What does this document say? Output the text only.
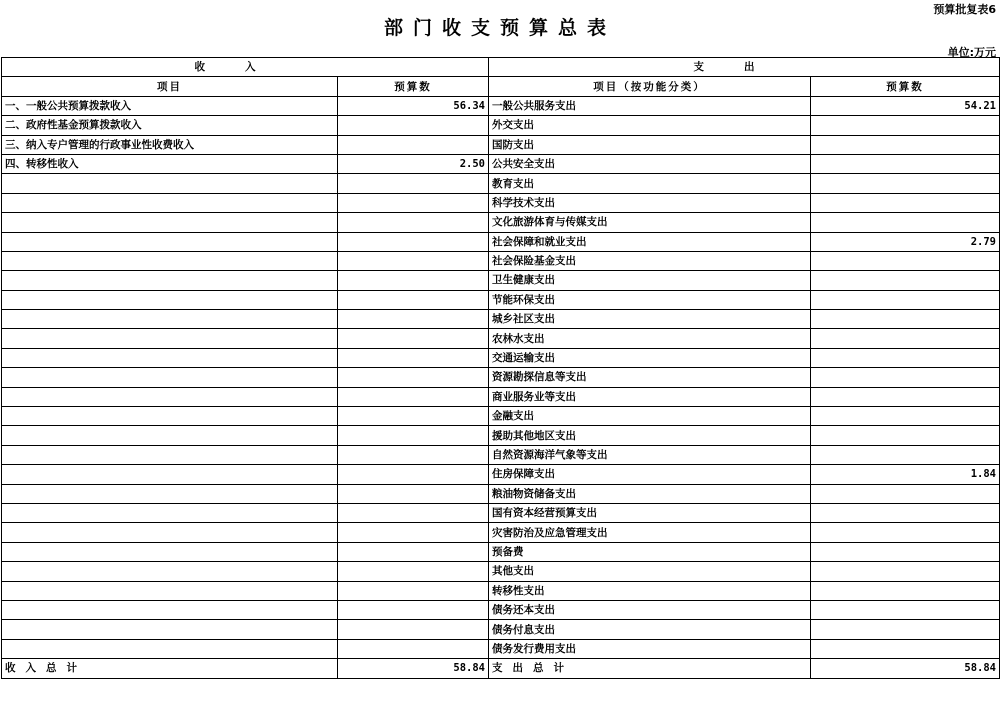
预算批复表6
部门收支预算总表
单位:万元
收入		支出	
项目	预算数	项目（按功能分类）	预算数
一、一般公共预算拨款收入	56.34	一般公共服务支出	54.21
二、政府性基金预算拨款收入		外交支出	
三、纳入专户管理的行政事业性收费收入		国防支出	
四、转移性收入	2.50	公共安全支出	
		教育支出	
		科学技术支出	
		文化旅游体育与传媒支出	
		社会保障和就业支出	2.79
		社会保险基金支出	
		卫生健康支出	
		节能环保支出	
		城乡社区支出	
		农林水支出	
		交通运输支出	
		资源勘探信息等支出	
		商业服务业等支出	
		金融支出	
		援助其他地区支出	
		自然资源海洋气象等支出	
		住房保障支出	1.84
		粮油物资储备支出	
		国有资本经营预算支出	
		灾害防治及应急管理支出	
		预备费	
		其他支出	
		转移性支出	
		债务还本支出	
		债务付息支出	
		债务发行费用支出	
收入总计	58.84	支出总计	58.84
